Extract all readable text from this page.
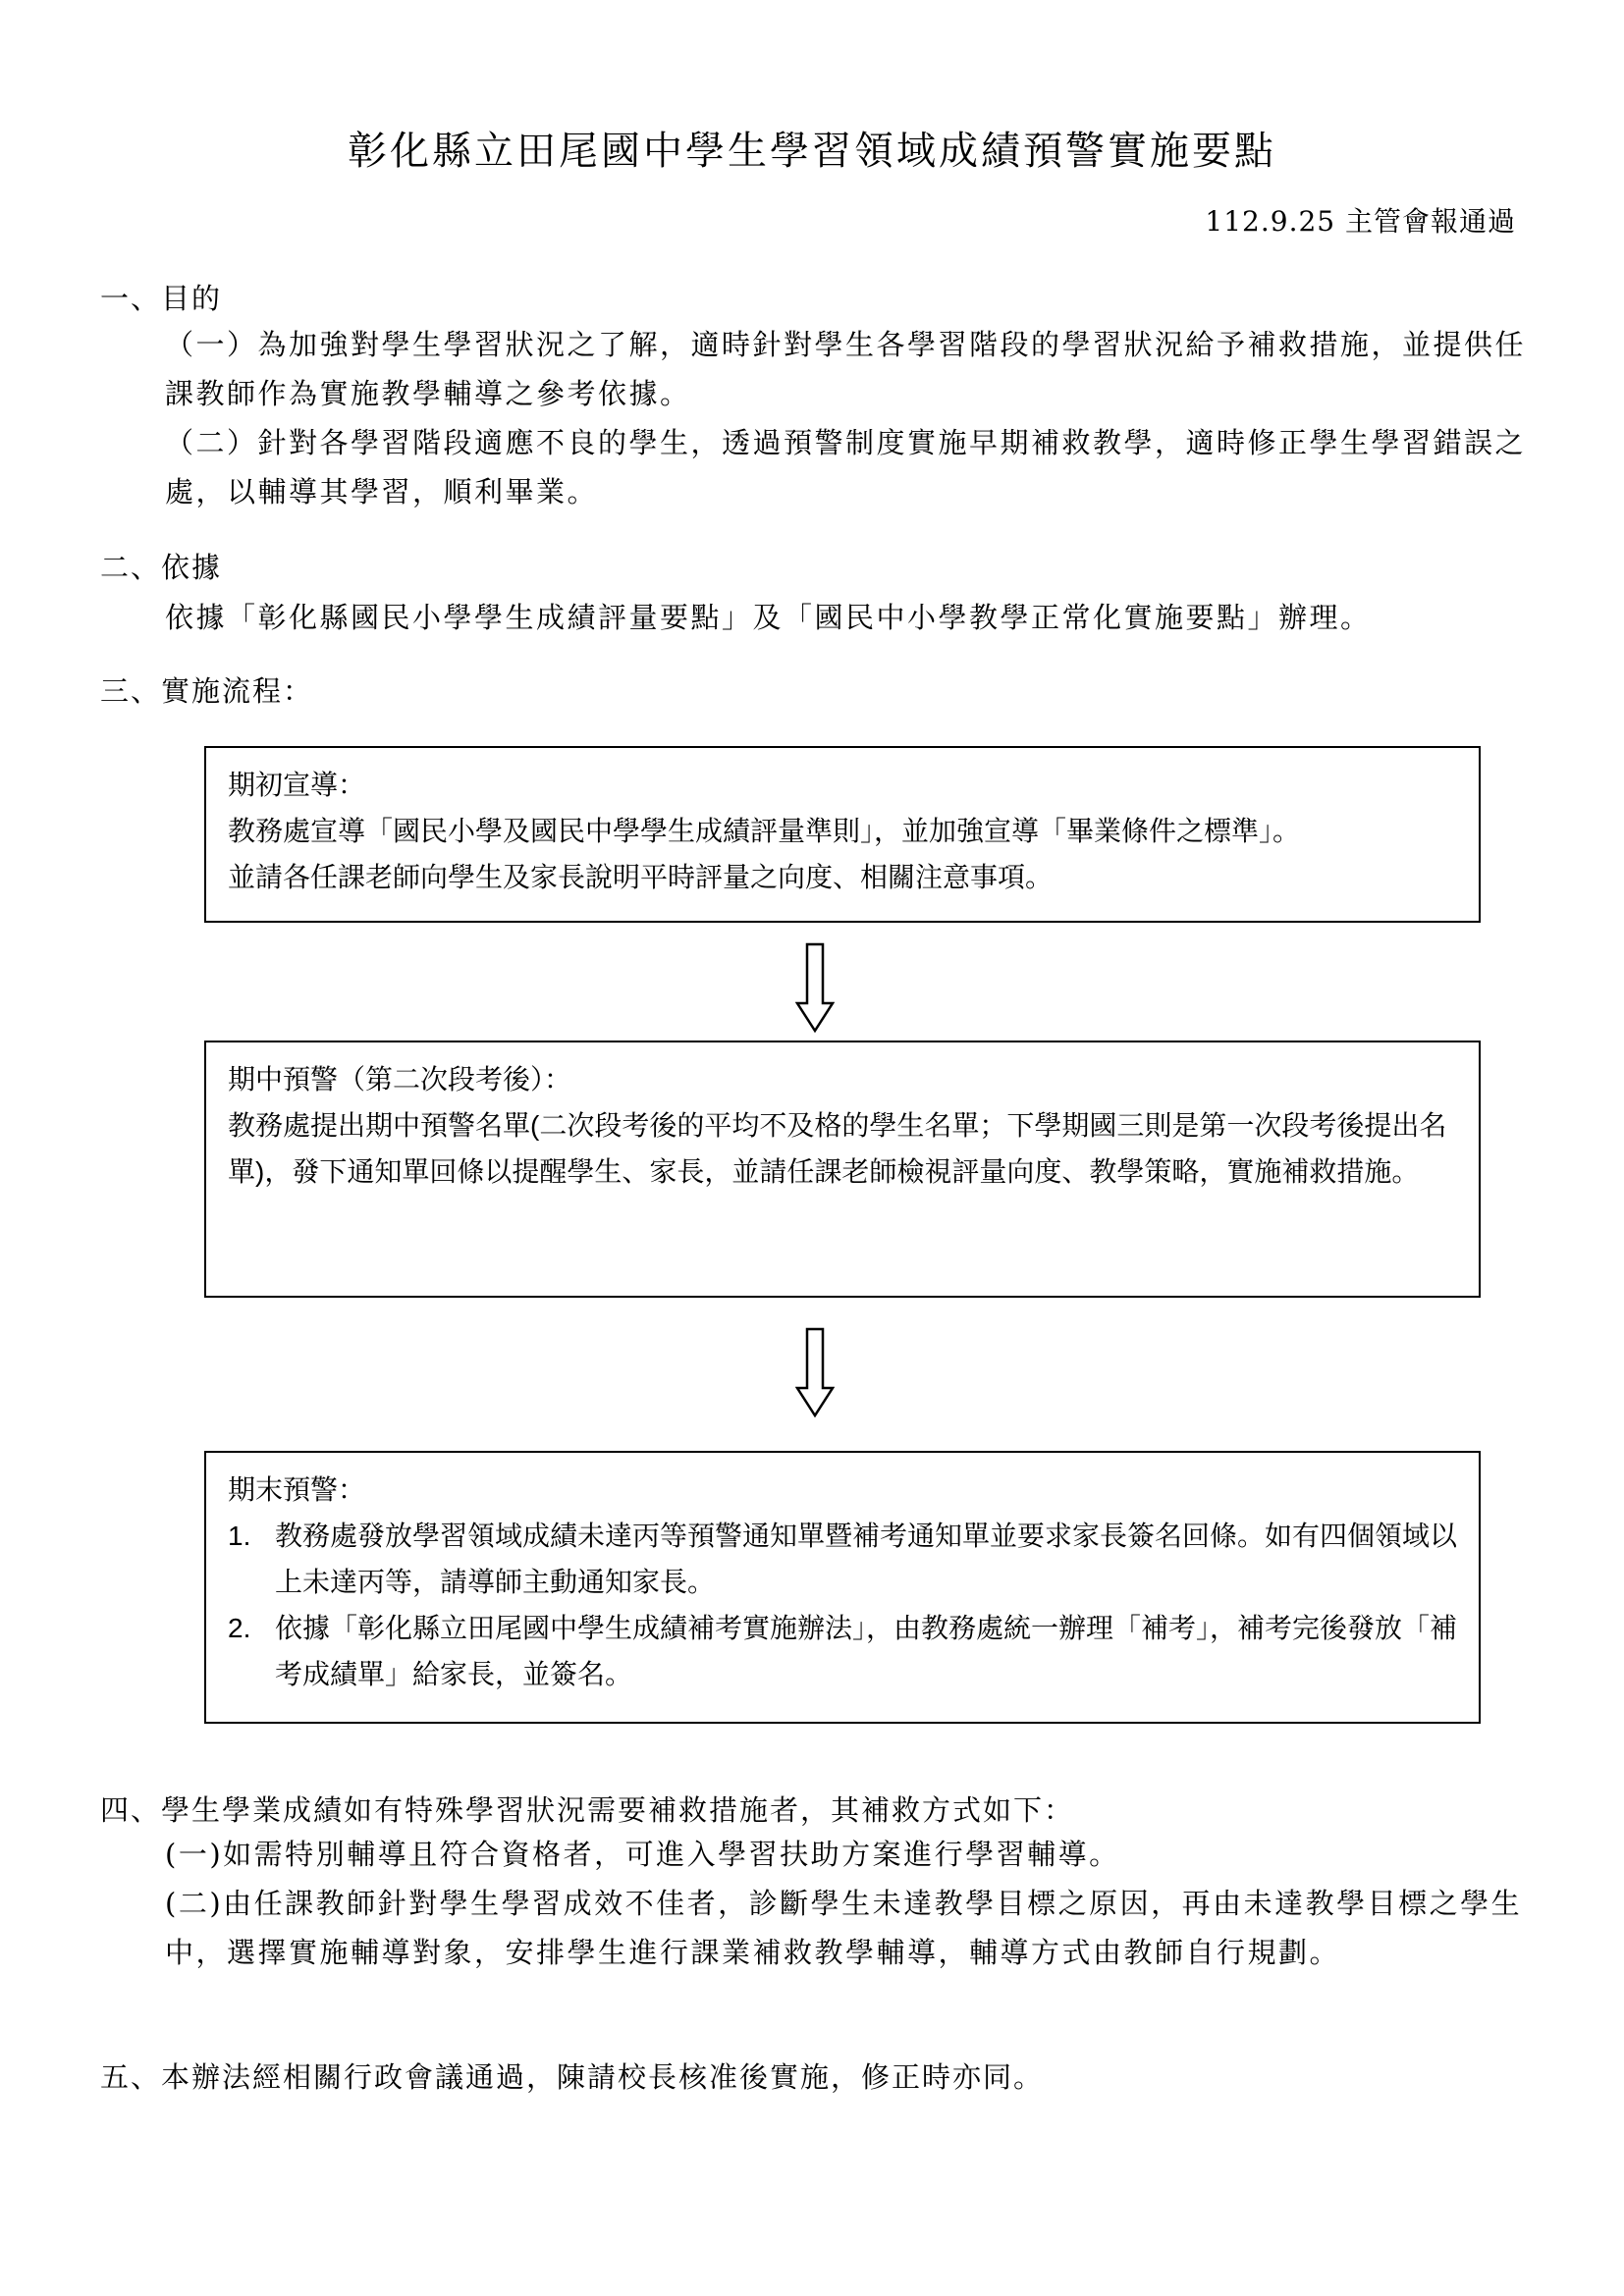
彰化縣立田尾國中學生學習領域成績預警實施要點
112.9.25 主管會報通過
一、目的

（一）為加強對學生學習狀況之了解，適時針對學生各學習階段的學習狀況給予補救措施，並提供任課教師作為實施教學輔導之參考依據。

（二）針對各學習階段適應不良的學生，透過預警制度實施早期補救教學，適時修正學生學習錯誤之處，以輔導其學習，順利畢業。

二、依據

依據「彰化縣國民小學學生成績評量要點」及「國民中小學教學正常化實施要點」辦理。

三、實施流程：
期初宣導：
教務處宣導「國民小學及國民中學學生成績評量準則」，並加強宣導「畢業條件之標準」。
並請各任課老師向學生及家長說明平時評量之向度、相關注意事項。
期中預警（第二次段考後）：
教務處提出期中預警名單(二次段考後的平均不及格的學生名單；下學期國三則是第一次段考後提出名單)，發下通知單回條以提醒學生、家長，並請任課老師檢視評量向度、教學策略，實施補救措施。
期末預警：
1. 教務處發放學習領域成績未達丙等預警通知單暨補考通知單並要求家長簽名回條。如有四個領域以上未達丙等，請導師主動通知家長。
2. 依據「彰化縣立田尾國中學生成績補考實施辦法」，由教務處統一辦理「補考」，補考完後發放「補考成績單」給家長，並簽名。
四、學生學業成績如有特殊學習狀況需要補救措施者，其補救方式如下：

(一)如需特別輔導且符合資格者，可進入學習扶助方案進行學習輔導。

(二)由任課教師針對學生學習成效不佳者，診斷學生未達教學目標之原因，再由未達教學目標之學生中，選擇實施輔導對象，安排學生進行課業補救教學輔導，輔導方式由教師自行規劃。

五、本辦法經相關行政會議通過，陳請校長核准後實施，修正時亦同。
